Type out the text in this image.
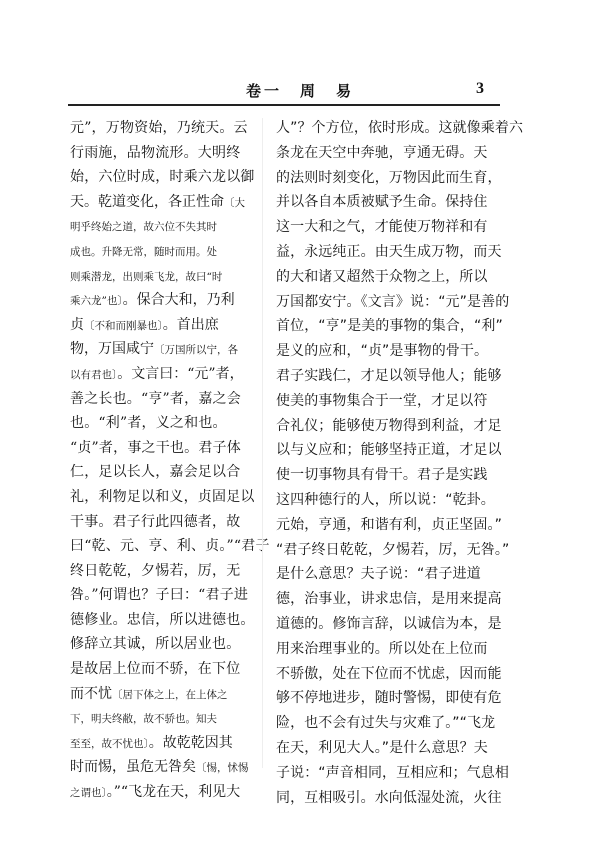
卷一　周　易	3
元”，万物资始，乃统天。云
行雨施，品物流形。大明终
始，六位时成，时乘六龙以御
天。乾道变化，各正性命〔大
明乎终始之道，故六位不失其时
成也。升降无常，随时而用。处
则乘潜龙，出则乘飞龙，故曰“时
乘六龙”也〕。保合大和，乃利
贞〔不和而刚暴也〕。首出庶
物，万国咸宁〔万国所以宁，各
以有君也〕。文言曰：“元”者，
善之长也。“亨”者，嘉之会
也。“利”者，义之和也。
“贞”者，事之干也。君子体
仁，足以长人，嘉会足以合
礼，利物足以和义，贞固足以
干事。君子行此四德者，故
曰“乾、元、亨、利、贞。”“君子
终日乾乾，夕惕若，厉，无
咎。”何谓也？子曰：“君子进
德修业。忠信，所以进德也。
修辞立其诚，所以居业也。
是故居上位而不骄，在下位
而不忧〔居下体之上，在上体之
下，明夫终敝，故不骄也。知夫
至至，故不忧也〕。故乾乾因其
时而惕，虽危无咎矣〔惕，怵惕
之谓也〕。”“飞龙在天，利见大
人”？个方位，依时形成。这就像乘着六
条龙在天空中奔驰，亨通无碍。天
的法则时刻变化，万物因此而生育，
并以各自本质被赋予生命。保持住
这一大和之气，才能使万物祥和有
益，永远纯正。由天生成万物，而天
的大和诸又超然于众物之上，所以
万国都安宁。《文言》说：“元”是善的
首位，“亨”是美的事物的集合，“利”
是义的应和，“贞”是事物的骨干。
君子实践仁，才足以领导他人；能够
使美的事物集合于一堂，才足以符
合礼仪；能够使万物得到利益，才足
以与义应和；能够坚持正道，才足以
使一切事物具有骨干。君子是实践
这四种德行的人，所以说：“乾卦。
元始，亨通，和谐有利，贞正坚固。”
“君子终日乾乾，夕惕若，厉，无咎。”
是什么意思？夫子说：“君子进道
德，治事业，讲求忠信，是用来提高
道德的。修饰言辞，以诚信为本，是
用来治理事业的。所以处在上位而
不骄傲，处在下位而不忧虑，因而能
够不停地进步，随时警惕，即使有危
险，也不会有过失与灾难了。”“飞龙
在天，利见大人。”是什么意思？夫
子说：“声音相同，互相应和；气息相
同，互相吸引。水向低湿处流，火往
